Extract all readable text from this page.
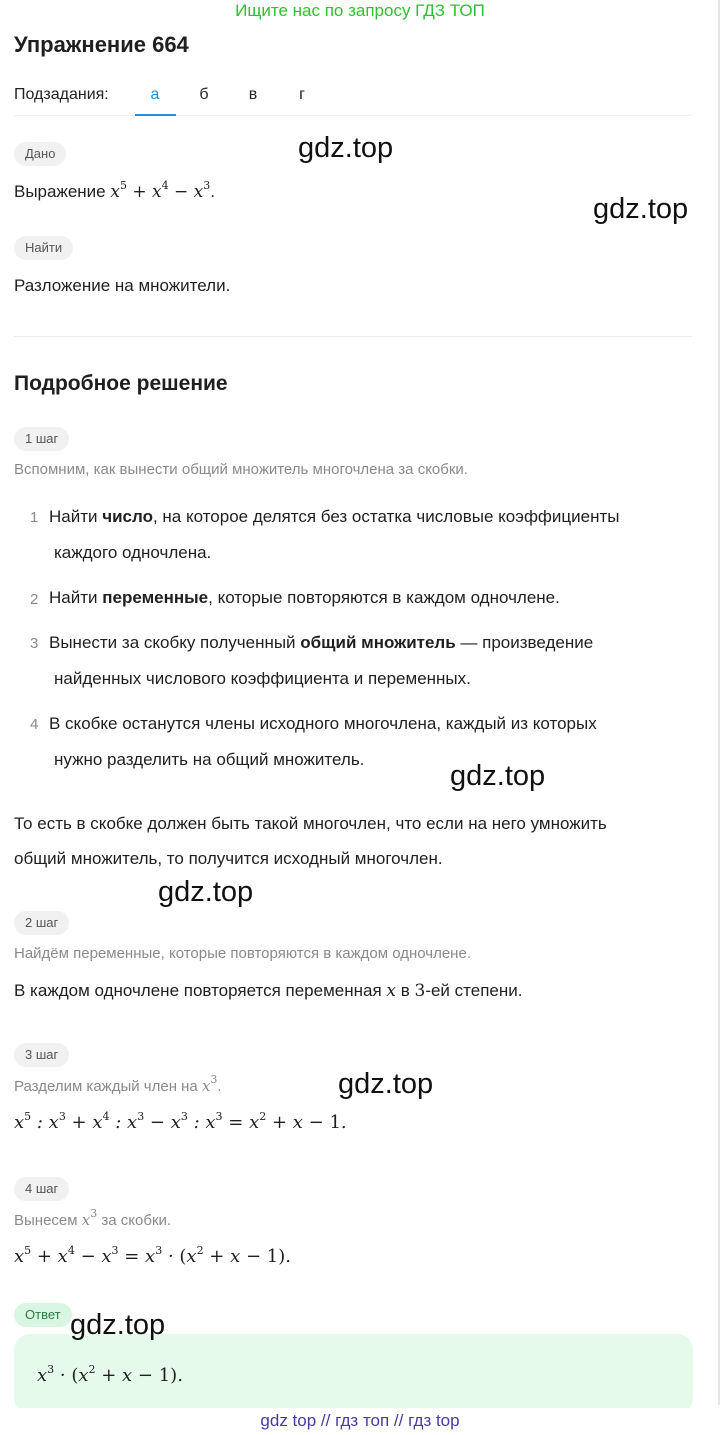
Ищите нас по запросу ГДЗ ТОП
Упражнение 664
Подзадания:	а	б	в	г
Дано
Выражение $x^5 + x^4 - x^3$.
Найти
Разложение на множители.
Подробное решение
1 шаг
Вспомним, как вынести общий множитель многочлена за скобки.
1 Найти число, на которое делятся без остатка числовые коэффициенты
каждого одночлена.
2 Найти переменные, которые повторяются в каждом одночлене.
3 Вынести за скобку полученный общий множитель — произведение
найденных числового коэффициента и переменных.
4 В скобке останутся члены исходного многочлена, каждый из которых
нужно разделить на общий множитель.
То есть в скобке должен быть такой многочлен, что если на него умножить
общий множитель, то получится исходный многочлен.
2 шаг
Найдём переменные, которые повторяются в каждом одночлене.
В каждом одночлене повторяется переменная x в 3-ей степени.
3 шаг
Разделим каждый член на $x^3$.
$x^5$ : $x^3 + x^4$ : $x^3 - x^3$ : $x^3 = x^2 + x - 1$.
4 шаг
Вынесем $x^3$ за скобки.
$x^5 + x^4 - x^3 = x^3 \cdot (x^2 + x - 1)$.
Ответ
$x^3 \cdot (x^2 + x - 1)$.
gdz.top
gdz.top
gdz.top
gdz.top
gdz.top
gdz.top
gdz top // гдз топ // гдз top
